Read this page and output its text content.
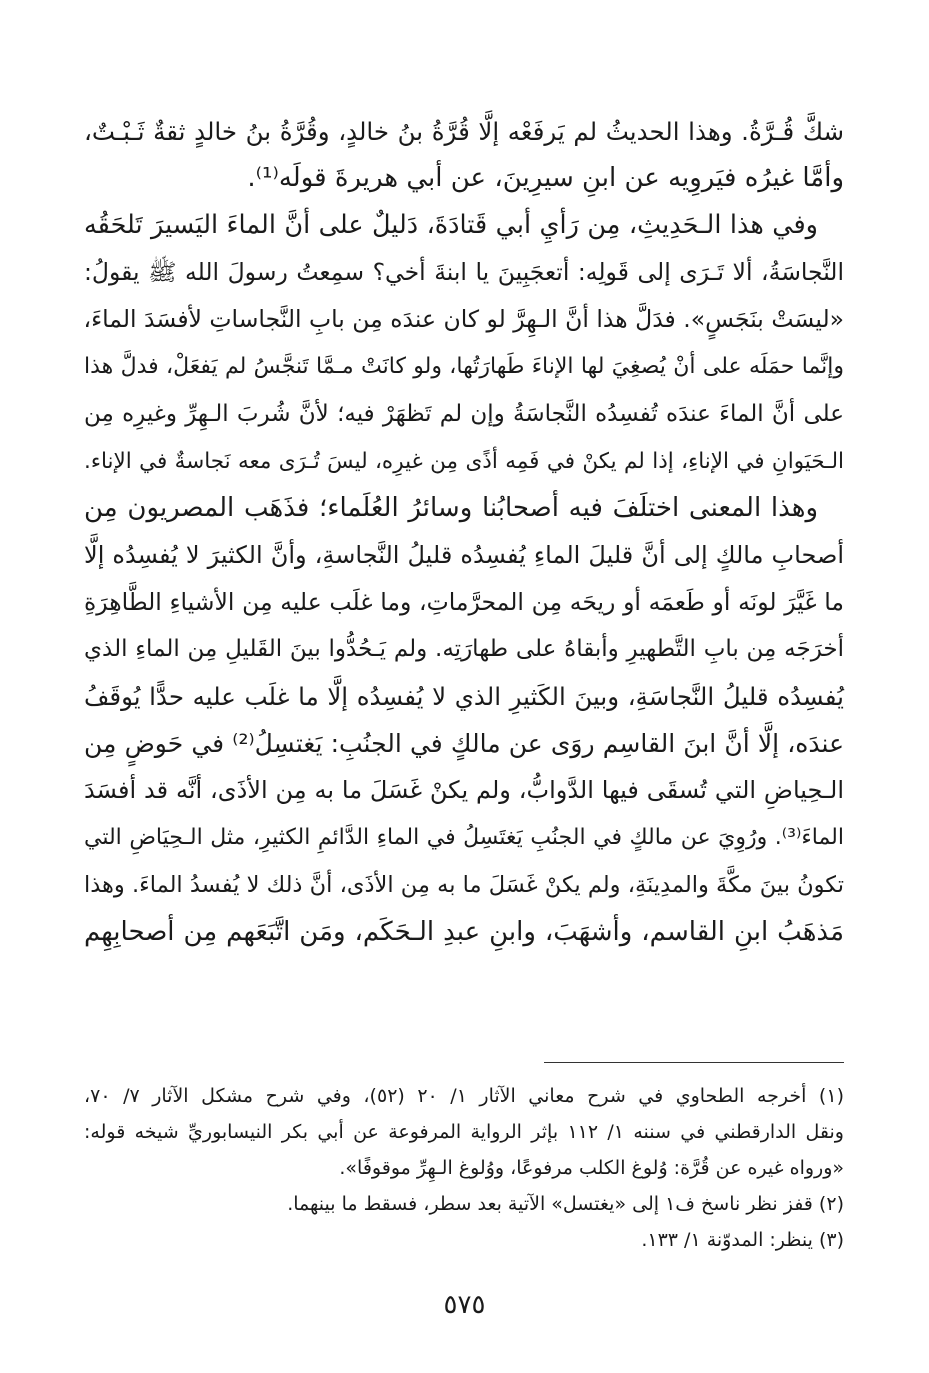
شكَّ قُـرَّةُ. وهذا الحديثُ لم يَرفَعْه إلَّا قُرَّةُ بنُ خالدٍ، وقُرَّةُ بنُ خالدٍ ثقةٌ ثَـبْـتٌ،
وأمَّا غيرُه فيَروِيه عن ابنِ سيرِينَ، عن أبي هريرةَ قولَه⁽¹⁾.
وفي هذا الـحَدِيثِ، مِن رَأيِ أبي قَتادَةَ، دَليلٌ على أنَّ الماءَ اليَسيرَ تَلحَقُه
النَّجاسَةُ، ألا تَـرَى إلى قَولِه: أتعجَبِينَ يا ابنةَ أخي؟ سمِعتُ رسولَ الله ﷺ يقولُ:
«ليسَتْ بنَجَسٍ». فدَلَّ هذا أنَّ الـهِرَّ لو كان عندَه مِن بابِ النَّجاساتِ لأفسَدَ الماءَ،
وإنَّما حمَلَه على أنْ يُصغِيَ لها الإناءَ طَهارَتُها، ولو كانَتْ مـمَّا تَنجَّسُ لم يَفعَلْ، فدلَّ هذا
على أنَّ الماءَ عندَه تُفسِدُه النَّجاسَةُ وإن لم تَظهَرْ فيه؛ لأنَّ شُربَ الـهِرِّ وغيرِه مِن
الـحَيَوانِ في الإناءِ، إذا لم يكنْ في فَمِه أذًى مِن غيرِه، ليسَ تُـرَى معه نَجاسةٌ في الإناء.
وهذا المعنى اختلَفَ فيه أصحابُنا وسائرُ العُلَماء؛ فذَهَب المصريون مِن
أصحابِ مالكٍ إلى أنَّ قليلَ الماءِ يُفسِدُه قليلُ النَّجاسةِ، وأنَّ الكثيرَ لا يُفسِدُه إلَّا
ما غَيَّرَ لونَه أو طَعمَه أو ريحَه مِن المحرَّماتِ، وما غلَب عليه مِن الأشياءِ الطَّاهِرَةِ
أخرَجَه مِن بابِ التَّطهيرِ وأبقاهُ على طهارَتِه. ولم يَـحُدُّوا بينَ القَليلِ مِن الماءِ الذي
يُفسِدُه قليلُ النَّجاسَةِ، وبينَ الكَثيرِ الذي لا يُفسِدُه إلَّا ما غلَب عليه حدًّا يُوقَفُ
عندَه، إلَّا أنَّ ابنَ القاسِم روَى عن مالكٍ في الجنُبِ: يَغتسِلُ⁽²⁾ في حَوضٍ مِن
الـحِياضِ التي تُسقَى فيها الدَّوابُّ، ولم يكنْ غَسَلَ ما به مِن الأذَى، أنَّه قد أفسَدَ
الماءَ⁽³⁾. ورُوِيَ عن مالكٍ في الجنُبِ يَغتَسِلُ في الماءِ الدَّائمِ الكثيرِ، مثل الـحِيَاضِ التي
تكونُ بينَ مكَّةَ والمدِينَةِ، ولم يكنْ غَسَلَ ما به مِن الأذَى، أنَّ ذلك لا يُفسدُ الماءَ. وهذا
مَذهَبُ ابنِ القاسم، وأشهَبَ، وابنِ عبدِ الـحَكَم، ومَن اتَّبَعَهم مِن أصحابِهِم
(١) أخرجه الطحاوي في شرح معاني الآثار ١/ ٢٠ (٥٢)، وفي شرح مشكل الآثار ٧/ ٧٠،
ونقل الدارقطني في سننه ١/ ١١٢ بإثر الرواية المرفوعة عن أبي بكر النيسابوريِّ شيخه قوله:
«ورواه غيره عن قُرَّة: وُلوغ الكلب مرفوعًا، ووُلوغ الـهِرِّ موقوفًا».
(٢) قفز نظر ناسخ ف١ إلى «يغتسل» الآتية بعد سطر، فسقط ما بينهما.
(٣) ينظر: المدوّنة ١/ ١٣٣.
٥٧٥
